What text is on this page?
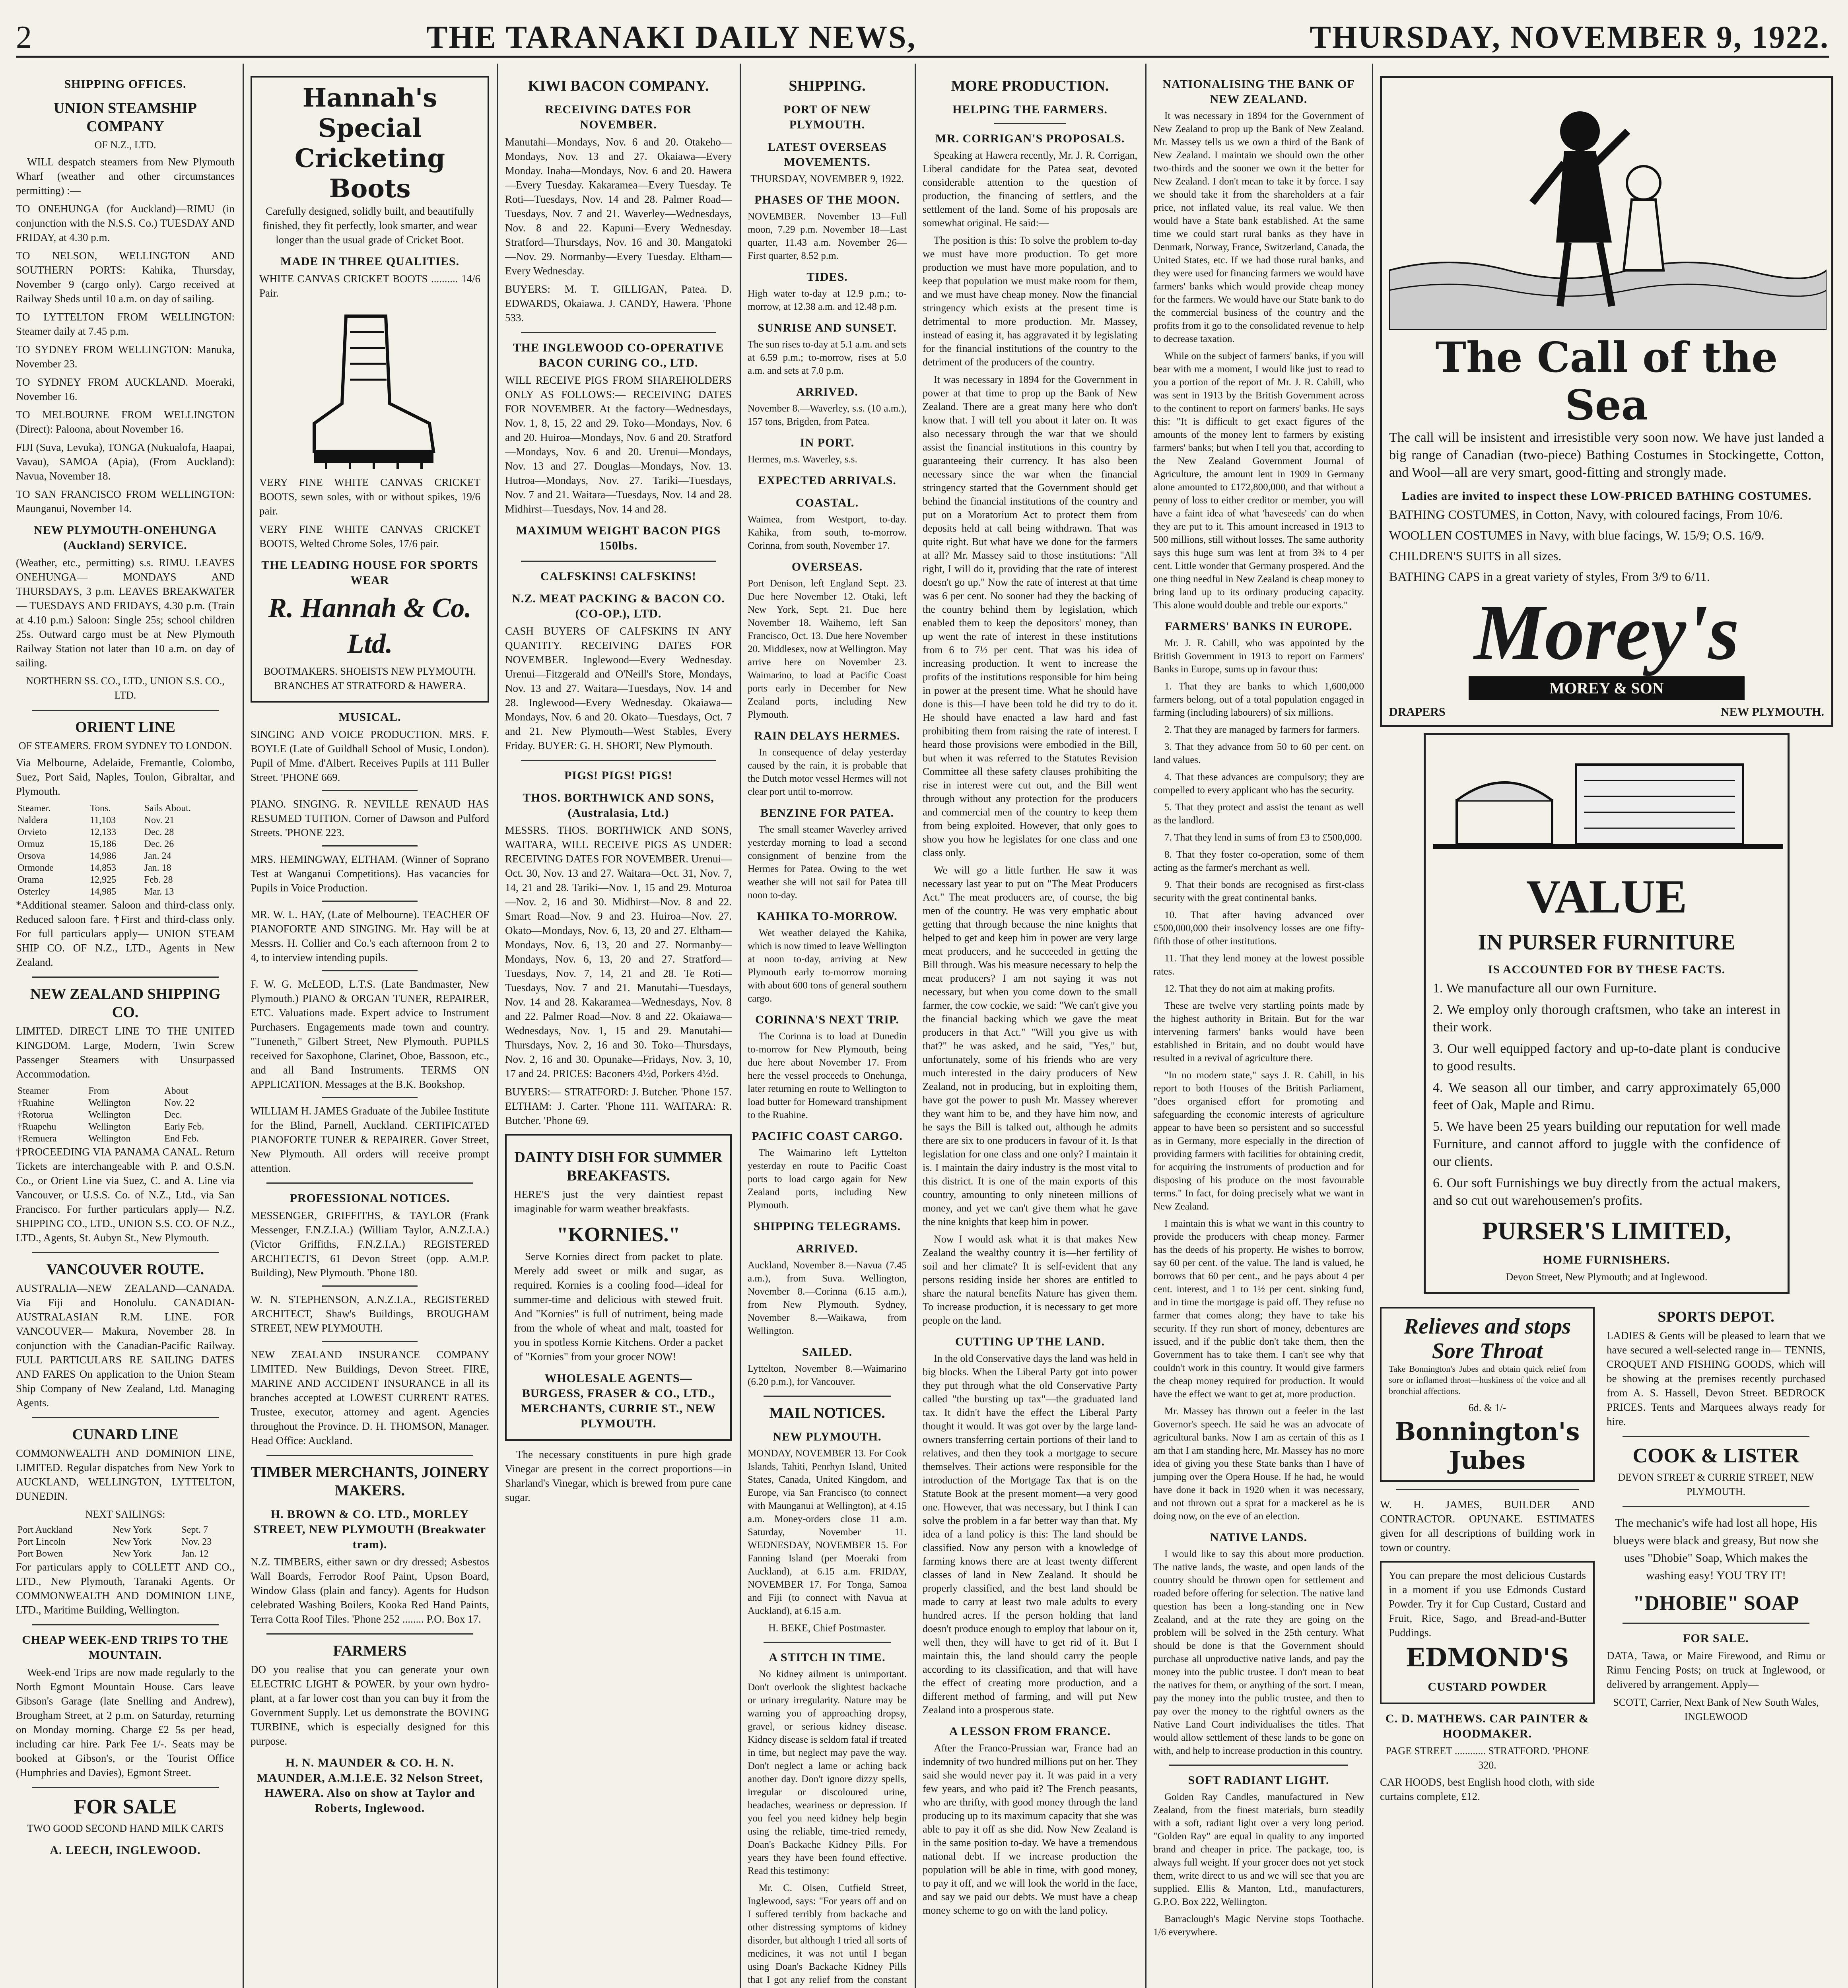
2	THE TARANAKI DAILY NEWS,	THURSDAY, NOVEMBER 9, 1922.
SHIPPING OFFICES.
UNION STEAMSHIP COMPANY
OF N.Z., LTD.

WILL despatch steamers from New Plymouth Wharf (weather and other circumstances permitting) :—

TO ONEHUNGA (for Auckland)—RIMU (in conjunction with the N.S.S. Co.) TUESDAY AND FRIDAY, at 4.30 p.m.

TO NELSON, WELLINGTON AND SOUTHERN PORTS: Kahika, Thursday, November 9 (cargo only). Cargo received at Railway Sheds until 10 a.m. on day of sailing.

TO LYTTELTON FROM WELLINGTON: Steamer daily at 7.45 p.m.

TO SYDNEY FROM WELLINGTON: Manuka, November 23.

TO SYDNEY FROM AUCKLAND. Moeraki, November 16.

TO MELBOURNE FROM WELLINGTON (Direct): Paloona, about November 16.

FIJI (Suva, Levuka), TONGA (Nukualofa, Haapai, Vavau), SAMOA (Apia), (From Auckland): Navua, November 18.

TO SAN FRANCISCO FROM WELLINGTON: Maunganui, November 14.

NEW PLYMOUTH-ONEHUNGA (Auckland) SERVICE.

(Weather, etc., permitting) s.s. RIMU. LEAVES ONEHUNGA— MONDAYS AND THURSDAYS, 3 p.m. LEAVES BREAKWATER— TUESDAYS AND FRIDAYS, 4.30 p.m. (Train at 4.10 p.m.) Saloon: Single 25s; school children 25s. Outward cargo must be at New Plymouth Railway Station not later than 10 a.m. on day of sailing.

NORTHERN SS. CO., LTD., UNION S.S. CO., LTD.
ORIENT LINE
OF STEAMERS. FROM SYDNEY TO LONDON.

Via Melbourne, Adelaide, Fremantle, Colombo, Suez, Port Said, Naples, Toulon, Gibraltar, and Plymouth.

Steamer.	Tons.	Sails About.
Naldera	11,103	Nov. 21
Orvieto	12,133	Dec. 28
Ormuz	15,186	Dec. 26
Orsova	14,986	Jan. 24
Ormonde	14,853	Jan. 18
Orama	12,925	Feb. 28
Osterley	14,985	Mar. 13

*Additional steamer. Saloon and third-class only. Reduced saloon fare. †First and third-class only. For full particulars apply— UNION STEAM SHIP CO. OF N.Z., LTD., Agents in New Zealand.

NEW ZEALAND SHIPPING CO.

LIMITED. DIRECT LINE TO THE UNITED KINGDOM. Large, Modern, Twin Screw Passenger Steamers with Unsurpassed Accommodation.

Steamer	From	About
†Ruahine	Wellington	Nov. 22
†Rotorua	Wellington	Dec.
†Ruapehu	Wellington	Early Feb.
†Remuera	Wellington	End Feb.

†PROCEEDING VIA PANAMA CANAL. Return Tickets are interchangeable with P. and O.S.N. Co., or Orient Line via Suez, C. and A. Line via Vancouver, or U.S.S. Co. of N.Z., Ltd., via San Francisco. For further particulars apply— N.Z. SHIPPING CO., LTD., UNION S.S. CO. OF N.Z., LTD., Agents, St. Aubyn St., New Plymouth.

VANCOUVER ROUTE.

AUSTRALIA—NEW ZEALAND—CANADA. Via Fiji and Honolulu. CANADIAN-AUSTRALASIAN R.M. LINE. FOR VANCOUVER— Makura, November 28. In conjunction with the Canadian-Pacific Railway. FULL PARTICULARS RE SAILING DATES AND FARES On application to the Union Steam Ship Company of New Zealand, Ltd. Managing Agents.

CUNARD LINE

COMMONWEALTH AND DOMINION LINE, LIMITED. Regular dispatches from New York to AUCKLAND, WELLINGTON, LYTTELTON, DUNEDIN.

NEXT SAILINGS:
Port Auckland	New York	Sept. 7
Port Lincoln	New York	Nov. 23
Port Bowen	New York	Jan. 12

For particulars apply to COLLETT AND CO., LTD., New Plymouth, Taranaki Agents. Or COMMONWEALTH AND DOMINION LINE, LTD., Maritime Building, Wellington.

CHEAP WEEK-END TRIPS TO THE MOUNTAIN.

Week-end Trips are now made regularly to the North Egmont Mountain House. Cars leave Gibson's Garage (late Snelling and Andrew), Brougham Street, at 2 p.m. on Saturday, returning on Monday morning. Charge £2 5s per head, including car hire. Park Fee 1/-. Seats may be booked at Gibson's, or the Tourist Office (Humphries and Davies), Egmont Street.

FOR SALE
TWO GOOD SECOND HAND MILK CARTS
A. LEECH, INGLEWOOD.
Hannah's Special Cricketing Boots

Carefully designed, solidly built, and beautifully finished, they fit perfectly, look smarter, and wear longer than the usual grade of Cricket Boot.

MADE IN THREE QUALITIES.

WHITE CANVAS CRICKET BOOTS .......... 14/6 Pair.

VERY FINE WHITE CANVAS CRICKET BOOTS, sewn soles, with or without spikes, 19/6 pair.

VERY FINE WHITE CANVAS CRICKET BOOTS, Welted Chrome Soles, 17/6 pair.

THE LEADING HOUSE FOR SPORTS WEAR
R. Hannah & Co. Ltd.
BOOTMAKERS. SHOEISTS NEW PLYMOUTH. BRANCHES AT STRATFORD & HAWERA.
MUSICAL.

SINGING AND VOICE PRODUCTION. MRS. F. BOYLE (Late of Guildhall School of Music, London). Pupil of Mme. d'Albert. Receives Pupils at 111 Buller Street. 'PHONE 669.

PIANO. SINGING. R. NEVILLE RENAUD HAS RESUMED TUITION. Corner of Dawson and Pulford Streets. 'PHONE 223.

MRS. HEMINGWAY, ELTHAM. (Winner of Soprano Test at Wanganui Competitions). Has vacancies for Pupils in Voice Production.

MR. W. L. HAY, (Late of Melbourne). TEACHER OF PIANOFORTE AND SINGING. Mr. Hay will be at Messrs. H. Collier and Co.'s each afternoon from 2 to 4, to interview intending pupils.

F. W. G. McLEOD, L.T.S. (Late Bandmaster, New Plymouth.) PIANO & ORGAN TUNER, REPAIRER, ETC. Valuations made. Expert advice to Instrument Purchasers. Engagements made town and country. "Tuneneth," Gilbert Street, New Plymouth. PUPILS received for Saxophone, Clarinet, Oboe, Bassoon, etc., and all Band Instruments. TERMS ON APPLICATION. Messages at the B.K. Bookshop.

WILLIAM H. JAMES Graduate of the Jubilee Institute for the Blind, Parnell, Auckland. CERTIFICATED PIANOFORTE TUNER & REPAIRER. Gover Street, New Plymouth. All orders will receive prompt attention.

PROFESSIONAL NOTICES.

MESSENGER, GRIFFITHS, & TAYLOR (Frank Messenger, F.N.Z.I.A.) (William Taylor, A.N.Z.I.A.) (Victor Griffiths, F.N.Z.I.A.) REGISTERED ARCHITECTS, 61 Devon Street (opp. A.M.P. Building), New Plymouth. 'Phone 180.

W. N. STEPHENSON, A.N.Z.I.A., REGISTERED ARCHITECT, Shaw's Buildings, BROUGHAM STREET, NEW PLYMOUTH.

NEW ZEALAND INSURANCE COMPANY LIMITED. New Buildings, Devon Street. FIRE, MARINE AND ACCIDENT INSURANCE in all its branches accepted at LOWEST CURRENT RATES. Trustee, executor, attorney and agent. Agencies throughout the Province. D. H. THOMSON, Manager. Head Office: Auckland.

TIMBER MERCHANTS, JOINERY MAKERS.
H. BROWN & CO. LTD., MORLEY STREET, NEW PLYMOUTH (Breakwater tram).

N.Z. TIMBERS, either sawn or dry dressed; Asbestos Wall Boards, Ferrodor Roof Paint, Upson Board, Window Glass (plain and fancy). Agents for Hudson celebrated Washing Boilers, Kooka Red Hand Paints, Terra Cotta Roof Tiles. 'Phone 252 ........ P.O. Box 17.

FARMERS

DO you realise that you can generate your own ELECTRIC LIGHT & POWER. by your own hydro-plant, at a far lower cost than you can buy it from the Government Supply. Let us demonstrate the BOVING TURBINE, which is especially designed for this purpose.

H. N. MAUNDER & CO. H. N. MAUNDER, A.M.I.E.E. 32 Nelson Street, HAWERA. Also on show at Taylor and Roberts, Inglewood.
KIWI BACON COMPANY.
RECEIVING DATES FOR NOVEMBER.

Manutahi—Mondays, Nov. 6 and 20. Otakeho—Mondays, Nov. 13 and 27. Okaiawa—Every Monday. Inaha—Mondays, Nov. 6 and 20. Hawera—Every Tuesday. Kakaramea—Every Tuesday. Te Roti—Tuesdays, Nov. 14 and 28. Palmer Road—Tuesdays, Nov. 7 and 21. Waverley—Wednesdays, Nov. 8 and 22. Kapuni—Every Wednesday. Stratford—Thursdays, Nov. 16 and 30. Mangatoki—Nov. 29. Normanby—Every Tuesday. Eltham—Every Wednesday.

BUYERS: M. T. GILLIGAN, Patea. D. EDWARDS, Okaiawa. J. CANDY, Hawera. 'Phone 533.

THE INGLEWOOD CO-OPERATIVE BACON CURING CO., LTD.

WILL RECEIVE PIGS FROM SHAREHOLDERS ONLY AS FOLLOWS:— RECEIVING DATES FOR NOVEMBER. At the factory—Wednesdays, Nov. 1, 8, 15, 22 and 29. Toko—Mondays, Nov. 6 and 20. Huiroa—Mondays, Nov. 6 and 20. Stratford—Mondays, Nov. 6 and 20. Urenui—Mondays, Nov. 13 and 27. Douglas—Mondays, Nov. 13. Hutroa—Mondays, Nov. 27. Tariki—Tuesdays, Nov. 7 and 21. Waitara—Tuesdays, Nov. 14 and 28. Midhirst—Tuesdays, Nov. 14 and 28.

MAXIMUM WEIGHT BACON PIGS 150lbs.
CALFSKINS! CALFSKINS!
N.Z. MEAT PACKING & BACON CO. (CO-OP.), LTD.

CASH BUYERS OF CALFSKINS IN ANY QUANTITY. RECEIVING DATES FOR NOVEMBER. Inglewood—Every Wednesday. Urenui—Fitzgerald and O'Neill's Store, Mondays, Nov. 13 and 27. Waitara—Tuesdays, Nov. 14 and 28. Inglewood—Every Wednesday. Okaiawa—Mondays, Nov. 6 and 20. Okato—Tuesdays, Oct. 7 and 21. New Plymouth—West Stables, Every Friday. BUYER: G. H. SHORT, New Plymouth.

PIGS! PIGS! PIGS!
THOS. BORTHWICK AND SONS, (Australasia, Ltd.)

MESSRS. THOS. BORTHWICK AND SONS, WAITARA, WILL RECEIVE PIGS AS UNDER: RECEIVING DATES FOR NOVEMBER. Urenui—Oct. 30, Nov. 13 and 27. Waitara—Oct. 31, Nov. 7, 14, 21 and 28. Tariki—Nov. 1, 15 and 29. Moturoa—Nov. 2, 16 and 30. Midhirst—Nov. 8 and 22. Smart Road—Nov. 9 and 23. Huiroa—Nov. 27. Okato—Mondays, Nov. 6, 13, 20 and 27. Eltham—Mondays, Nov. 6, 13, 20 and 27. Normanby—Mondays, Nov. 6, 13, 20 and 27. Stratford—Tuesdays, Nov. 7, 14, 21 and 28. Te Roti—Tuesdays, Nov. 7 and 21. Manutahi—Tuesdays, Nov. 14 and 28. Kakaramea—Wednesdays, Nov. 8 and 22. Palmer Road—Nov. 8 and 22. Okaiawa—Wednesdays, Nov. 1, 15 and 29. Manutahi—Thursdays, Nov. 2, 16 and 30. Toko—Thursdays, Nov. 2, 16 and 30. Opunake—Fridays, Nov. 3, 10, 17 and 24. PRICES: Baconers 4½d, Porkers 4½d.

BUYERS:— STRATFORD: J. Butcher. 'Phone 157. ELTHAM: J. Carter. 'Phone 111. WAITARA: R. Butcher. 'Phone 69.

DAINTY DISH FOR SUMMER BREAKFASTS.

HERE'S just the very daintiest repast imaginable for warm weather breakfasts.

"KORNIES."

Serve Kornies direct from packet to plate. Merely add sweet or milk and sugar, as required. Kornies is a cooling food—ideal for summer-time and delicious with stewed fruit. And "Kornies" is full of nutriment, being made from the whole of wheat and malt, toasted for you in spotless Kornie Kitchens. Order a packet of "Kornies" from your grocer NOW!

WHOLESALE AGENTS— BURGESS, FRASER & CO., LTD., MERCHANTS, CURRIE ST., NEW PLYMOUTH.

The necessary constituents in pure high grade Vinegar are present in the correct proportions—in Sharland's Vinegar, which is brewed from pure cane sugar.

SHIPPING.
PORT OF NEW PLYMOUTH.
LATEST OVERSEAS MOVEMENTS.
THURSDAY, NOVEMBER 9, 1922.
PHASES OF THE MOON.

NOVEMBER. November 13—Full moon, 7.29 p.m. November 18—Last quarter, 11.43 a.m. November 26—First quarter, 8.52 p.m.

TIDES.

High water to-day at 12.9 p.m.; to-morrow, at 12.38 a.m. and 12.48 p.m.

SUNRISE AND SUNSET.

The sun rises to-day at 5.1 a.m. and sets at 6.59 p.m.; to-morrow, rises at 5.0 a.m. and sets at 7.0 p.m.

ARRIVED.

November 8.—Waverley, s.s. (10 a.m.), 157 tons, Brigden, from Patea.

IN PORT.

Hermes, m.s. Waverley, s.s.

EXPECTED ARRIVALS.
COASTAL.

Waimea, from Westport, to-day. Kahika, from south, to-morrow. Corinna, from south, November 17.

OVERSEAS.

Port Denison, left England Sept. 23. Due here November 12. Otaki, left New York, Sept. 21. Due here November 18. Waihemo, left San Francisco, Oct. 13. Due here November 20. Middlesex, now at Wellington. May arrive here on November 23. Waimarino, to load at Pacific Coast ports early in December for New Zealand ports, including New Plymouth.

RAIN DELAYS HERMES.

In consequence of delay yesterday caused by the rain, it is probable that the Dutch motor vessel Hermes will not clear port until to-morrow.

BENZINE FOR PATEA.

The small steamer Waverley arrived yesterday morning to load a second consignment of benzine from the Hermes for Patea. Owing to the wet weather she will not sail for Patea till noon to-day.

KAHIKA TO-MORROW.

Wet weather delayed the Kahika, which is now timed to leave Wellington at noon to-day, arriving at New Plymouth early to-morrow morning with about 600 tons of general southern cargo.

CORINNA'S NEXT TRIP.

The Corinna is to load at Dunedin to-morrow for New Plymouth, being due here about November 17. From here the vessel proceeds to Onehunga, later returning en route to Wellington to load butter for Homeward transhipment to the Ruahine.

PACIFIC COAST CARGO.

The Waimarino left Lyttelton yesterday en route to Pacific Coast ports to load cargo again for New Zealand ports, including New Plymouth.

SHIPPING TELEGRAMS.
ARRIVED.

Auckland, November 8.—Navua (7.45 a.m.), from Suva. Wellington, November 8.—Corinna (6.15 a.m.), from New Plymouth. Sydney, November 8.—Waikawa, from Wellington.

SAILED.

Lyttelton, November 8.—Waimarino (6.20 p.m.), for Vancouver.

MAIL NOTICES.
NEW PLYMOUTH.

MONDAY, NOVEMBER 13. For Cook Islands, Tahiti, Penrhyn Island, United States, Canada, United Kingdom, and Europe, via San Francisco (to connect with Maunganui at Wellington), at 4.15 a.m. Money-orders close 11 a.m. Saturday, November 11. WEDNESDAY, NOVEMBER 15. For Fanning Island (per Moeraki from Auckland), at 6.15 a.m. FRIDAY, NOVEMBER 17. For Tonga, Samoa and Fiji (to connect with Navua at Auckland), at 6.15 a.m.

H. BEKE, Chief Postmaster.
A STITCH IN TIME.

No kidney ailment is unimportant. Don't overlook the slightest backache or urinary irregularity. Nature may be warning you of approaching dropsy, gravel, or serious kidney disease. Kidney disease is seldom fatal if treated in time, but neglect may pave the way. Don't neglect a lame or aching back another day. Don't ignore dizzy spells, irregular or discoloured urine, headaches, weariness or depression. If you feel you need kidney help begin using the reliable, time-tried remedy, Doan's Backache Kidney Pills. For years they have been found effective. Read this testimony:

Mr. C. Olsen, Cutfield Street, Inglewood, says: "For years off and on I suffered terribly from backache and other distressing symptoms of kidney disorder, but although I tried all sorts of medicines, it was not until I began using Doan's Backache Kidney Pills that I got any relief from the constant

MORE PRODUCTION.
HELPING THE FARMERS.
MR. CORRIGAN'S PROPOSALS.

Speaking at Hawera recently, Mr. J. R. Corrigan, Liberal candidate for the Patea seat, devoted considerable attention to the question of production, the financing of settlers, and the settlement of the land. Some of his proposals are somewhat original. He said:—

The position is this: To solve the problem to-day we must have more production. To get more production we must have more population, and to keep that population we must make room for them, and we must have cheap money. Now the financial stringency which exists at the present time is detrimental to more production. Mr. Massey, instead of easing it, has aggravated it by legislating for the financial institutions of the country to the detriment of the producers of the country.

It was necessary in 1894 for the Government in power at that time to prop up the Bank of New Zealand. There are a great many here who don't know that. I will tell you about it later on. It was also necessary through the war that we should assist the financial institutions in this country by guaranteeing their currency. It has also been necessary since the war when the financial stringency started that the Government should get behind the financial institutions of the country and put on a Moratorium Act to protect them from deposits held at call being withdrawn. That was quite right. But what have we done for the farmers at all? Mr. Massey said to those institutions: "All right, I will do it, providing that the rate of interest doesn't go up." Now the rate of interest at that time was 6 per cent. No sooner had they the backing of the country behind them by legislation, which enabled them to keep the depositors' money, than up went the rate of interest in these institutions from 6 to 7½ per cent. That was his idea of increasing production. It went to increase the profits of the institutions responsible for him being in power at the present time. What he should have done is this—I have been told he did try to do it. He should have enacted a law hard and fast prohibiting them from raising the rate of interest. I heard those provisions were embodied in the Bill, but when it was referred to the Statutes Revision Committee all these safety clauses prohibiting the rise in interest were cut out, and the Bill went through without any protection for the producers and commercial men of the country to keep them from being exploited. However, that only goes to show you how he legislates for one class and one class only.

We will go a little further. He saw it was necessary last year to put on "The Meat Producers Act." The meat producers are, of course, the big men of the country. He was very emphatic about getting that through because the nine knights that helped to get and keep him in power are very large meat producers, and he succeeded in getting the Bill through. Was his measure necessary to help the meat producers? I am not saying it was not necessary, but when you come down to the small farmer, the cow cockie, we said: "We can't give you the financial backing which we gave the meat producers in that Act." "Will you give us with that?" he was asked, and he said, "Yes," but, unfortunately, some of his friends who are very much interested in the dairy producers of New Zealand, not in producing, but in exploiting them, have got the power to push Mr. Massey wherever they want him to be, and they have him now, and he says the Bill is talked out, although he admits there are six to one producers in favour of it. Is that legislation for one class and one only? I maintain it is. I maintain the dairy industry is the most vital to this district. It is one of the main exports of this country, amounting to only nineteen millions of money, and yet we can't give them what he gave the nine knights that keep him in power.

Now I would ask what it is that makes New Zealand the wealthy country it is—her fertility of soil and her climate? It is self-evident that any persons residing inside her shores are entitled to share the natural benefits Nature has given them. To increase production, it is necessary to get more people on the land.

CUTTING UP THE LAND.

In the old Conservative days the land was held in big blocks. When the Liberal Party got into power they put through what the old Conservative Party called "the bursting up tax"—the graduated land tax. It didn't have the effect the Liberal Party thought it would. It was got over by the large land-owners transferring certain portions of their land to relatives, and then they took a mortgage to secure themselves. Their actions were responsible for the introduction of the Mortgage Tax that is on the Statute Book at the present moment—a very good one. However, that was necessary, but I think I can solve the problem in a far better way than that. My idea of a land policy is this: The land should be classified. Now any person with a knowledge of farming knows there are at least twenty different classes of land in New Zealand. It should be properly classified, and the best land should be made to carry at least two male adults to every hundred acres. If the person holding that land doesn't produce enough to employ that labour on it, well then, they will have to get rid of it. But I maintain this, the land should carry the people according to its classification, and that will have the effect of creating more production, and a different method of farming, and will put New Zealand into a prosperous state.

A LESSON FROM FRANCE.

After the Franco-Prussian war, France had an indemnity of two hundred millions put on her. They said she would never pay it. It was paid in a very few years, and who paid it? The French peasants, who are thrifty, with good money through the land producing up to its maximum capacity that she was able to pay it off as she did. Now New Zealand is in the same position to-day. We have a tremendous national debt. If we increase production the population will be able in time, with good money, to pay it off, and we will look the world in the face, and say we paid our debts. We must have a cheap money scheme to go on with the land policy.

NATIONALISING THE BANK OF NEW ZEALAND.

It was necessary in 1894 for the Government of New Zealand to prop up the Bank of New Zealand. Mr. Massey tells us we own a third of the Bank of New Zealand. I maintain we should own the other two-thirds and the sooner we own it the better for New Zealand. I don't mean to take it by force. I say we should take it from the shareholders at a fair price, not inflated value, its real value. We then would have a State bank established. At the same time we could start rural banks as they have in Denmark, Norway, France, Switzerland, Canada, the United States, etc. If we had those rural banks, and they were used for financing farmers we would have farmers' banks which would provide cheap money for the farmers. We would have our State bank to do the commercial business of the country and the profits from it go to the consolidated revenue to help to decrease taxation.

While on the subject of farmers' banks, if you will bear with me a moment, I would like just to read to you a portion of the report of Mr. J. R. Cahill, who was sent in 1913 by the British Government across to the continent to report on farmers' banks. He says this: "It is difficult to get exact figures of the amounts of the money lent to farmers by existing farmers' banks; but when I tell you that, according to the New Zealand Government Journal of Agriculture, the amount lent in 1909 in Germany alone amounted to £172,800,000, and that without a penny of loss to either creditor or member, you will have a faint idea of what 'haveseeds' can do when they are put to it. This amount increased in 1913 to 500 millions, still without losses. The same authority says this huge sum was lent at from 3¾ to 4 per cent. Little wonder that Germany prospered. And the one thing needful in New Zealand is cheap money to bring land up to its ordinary producing capacity. This alone would double and treble our exports."

FARMERS' BANKS IN EUROPE.

Mr. J. R. Cahill, who was appointed by the British Government in 1913 to report on Farmers' Banks in Europe, sums up in favour thus:

1. That they are banks to which 1,600,000 farmers belong, out of a total population engaged in farming (including labourers) of six millions.

2. That they are managed by farmers for farmers.

3. That they advance from 50 to 60 per cent. on land values.

4. That these advances are compulsory; they are compelled to every applicant who has the security.

5. That they protect and assist the tenant as well as the landlord.

7. That they lend in sums of from £3 to £500,000.

8. That they foster co-operation, some of them acting as the farmer's merchant as well.

9. That their bonds are recognised as first-class security with the great continental banks.

10. That after having advanced over £500,000,000 their insolvency losses are one fifty-fifth those of other institutions.

11. That they lend money at the lowest possible rates.

12. That they do not aim at making profits.

These are twelve very startling points made by the highest authority in Britain. But for the war intervening farmers' banks would have been established in Britain, and no doubt would have resulted in a revival of agriculture there.

"In no modern state," says J. R. Cahill, in his report to both Houses of the British Parliament, "does organised effort for promoting and safeguarding the economic interests of agriculture appear to have been so persistent and so successful as in Germany, more especially in the direction of providing farmers with facilities for obtaining credit, for acquiring the instruments of production and for disposing of his produce on the most favourable terms." In fact, for doing precisely what we want in New Zealand.

I maintain this is what we want in this country to provide the producers with cheap money. Farmer has the deeds of his property. He wishes to borrow, say 60 per cent. of the value. The land is valued, he borrows that 60 per cent., and he pays about 4 per cent. interest, and 1 to 1½ per cent. sinking fund, and in time the mortgage is paid off. They refuse no farmer that comes along; they have to take his security. If they run short of money, debentures are issued, and if the public don't take them, then the Government has to take them. I can't see why that couldn't work in this country. It would give farmers the cheap money required for production. It would have the effect we want to get at, more production.

Mr. Massey has thrown out a feeler in the last Governor's speech. He said he was an advocate of agricultural banks. Now I am as certain of this as I am that I am standing here, Mr. Massey has no more idea of giving you these State banks than I have of jumping over the Opera House. If he had, he would have done it back in 1920 when it was necessary, and not thrown out a sprat for a mackerel as he is doing now, on the eve of an election.

NATIVE LANDS.

I would like to say this about more production. The native lands, the waste, and open lands of the country should be thrown open for settlement and roaded before offering for selection. The native land question has been a long-standing one in New Zealand, and at the rate they are going on the problem will be solved in the 25th century. What should be done is that the Government should purchase all unproductive native lands, and pay the money into the public trustee. I don't mean to beat the natives for them, or anything of the sort. I mean, pay the money into the public trustee, and then to pay over the money to the rightful owners as the Native Land Court individualises the titles. That would allow settlement of these lands to be gone on with, and help to increase production in this country.

SOFT RADIANT LIGHT.

Golden Ray Candles, manufactured in New Zealand, from the finest materials, burn steadily with a soft, radiant light over a very long period. "Golden Ray" are equal in quality to any imported brand and cheaper in price. The package, too, is always full weight. If your grocer does not yet stock them, write direct to us and we will see that you are supplied. Ellis & Manton, Ltd., manufacturers, G.P.O. Box 222, Wellington.

Barraclough's Magic Nervine stops Toothache. 1/6 everywhere.

The Call of the Sea

The call will be insistent and irresistible very soon now. We have just landed a big range of Canadian (two-piece) Bathing Costumes in Stockingette, Cotton, and Wool—all are very smart, good-fitting and strongly made.

Ladies are invited to inspect these LOW-PRICED BATHING COSTUMES.

BATHING COSTUMES, in Cotton, Navy, with coloured facings, From 10/6.

WOOLLEN COSTUMES in Navy, with blue facings, W. 15/9; O.S. 16/9.

CHILDREN'S SUITS in all sizes.

BATHING CAPS in a great variety of styles, From 3/9 to 6/11.

Morey's
MOREY & SON
DRAPERS	NEW PLYMOUTH.
VALUE
IN PURSER FURNITURE
IS ACCOUNTED FOR BY THESE FACTS.

1. We manufacture all our own Furniture.

2. We employ only thorough craftsmen, who take an interest in their work.

3. Our well equipped factory and up-to-date plant is conducive to good results.

4. We season all our timber, and carry approximately 65,000 feet of Oak, Maple and Rimu.

5. We have been 25 years building our reputation for well made Furniture, and cannot afford to juggle with the confidence of our clients.

6. Our soft Furnishings we buy directly from the actual makers, and so cut out warehousemen's profits.

PURSER'S LIMITED,
HOME FURNISHERS.
Devon Street, New Plymouth; and at Inglewood.
Relieves and stops Sore Throat

Take Bonnington's Jubes and obtain quick relief from sore or inflamed throat—huskiness of the voice and all bronchial affections.

6d. & 1/-
Bonnington's Jubes

W. H. JAMES, BUILDER AND CONTRACTOR. OPUNAKE. ESTIMATES given for all descriptions of building work in town or country.

You can prepare the most delicious Custards in a moment if you use Edmonds Custard Powder. Try it for Cup Custard, Custard and Fruit, Rice, Sago, and Bread-and-Butter Puddings.

EDMOND'S
CUSTARD POWDER
C. D. MATHEWS. CAR PAINTER & HOODMAKER.
PAGE STREET ............ STRATFORD. 'PHONE 320.

CAR HOODS, best English hood cloth, with side curtains complete, £12.

SPORTS DEPOT.

LADIES & Gents will be pleased to learn that we have secured a well-selected range in— TENNIS, CROQUET AND FISHING GOODS, which will be showing at the premises recently purchased from A. S. Hassell, Devon Street. BEDROCK PRICES. Tents and Marquees always ready for hire.

COOK & LISTER
DEVON STREET & CURRIE STREET, NEW PLYMOUTH.

The mechanic's wife had lost all hope, His blueys were black and greasy, But now she uses "Dhobie" Soap, Which makes the washing easy! YOU TRY IT!

"DHOBIE" SOAP
FOR SALE.

DATA, Tawa, or Maire Firewood, and Rimu or Rimu Fencing Posts; on truck at Inglewood, or delivered by arrangement. Apply—

SCOTT, Carrier, Next Bank of New South Wales, INGLEWOOD
